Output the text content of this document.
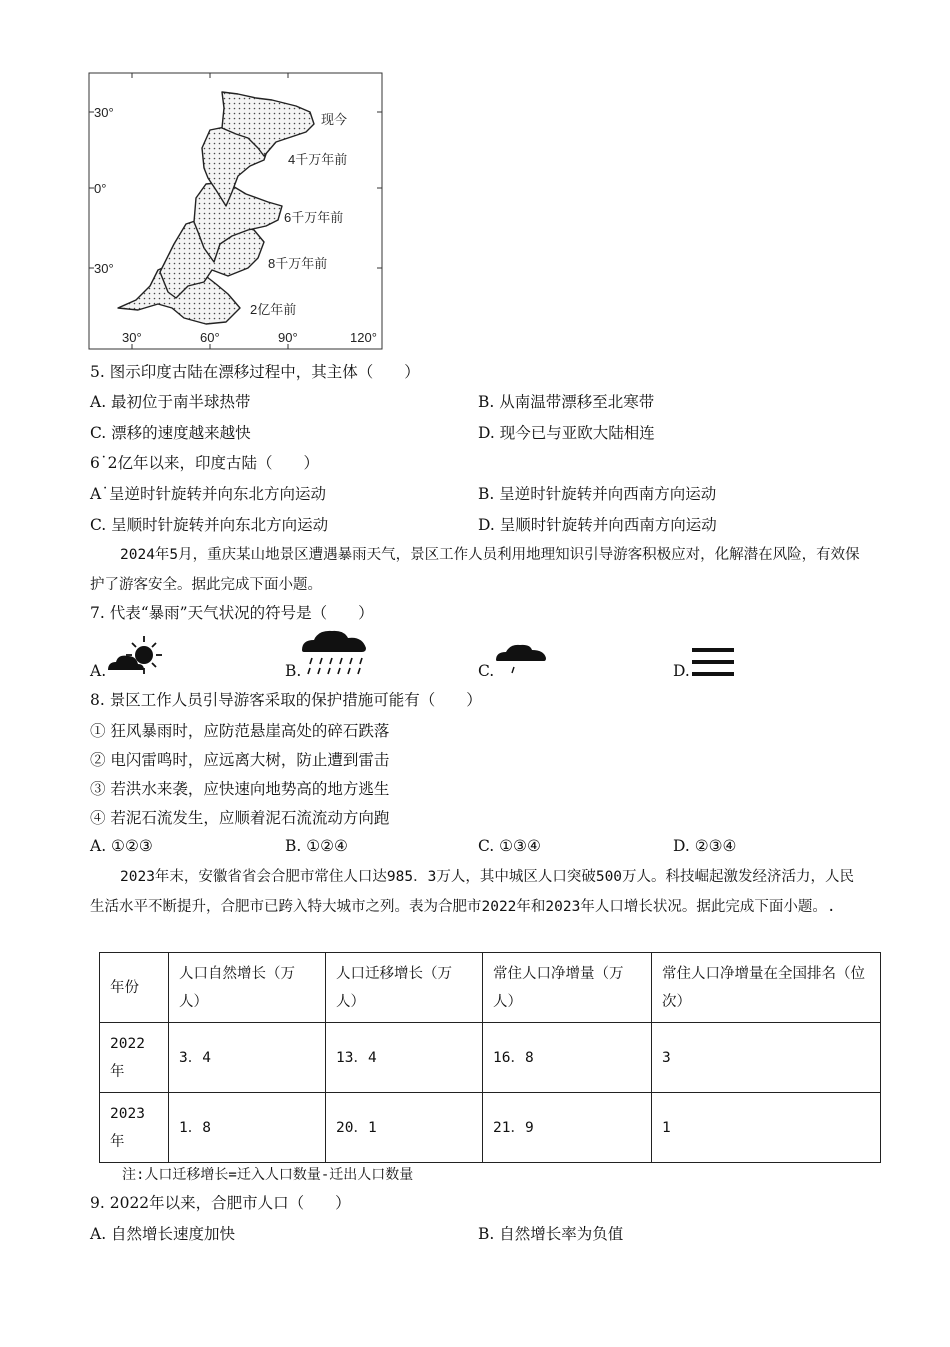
30°
0°
30°
30°	60°	90°	120°
现今
4千万年前
6千万年前
8千万年前
2亿年前
5. 图示印度古陆在漂移过程中，其主体（　　）
A. 最初位于南半球热带	B. 从南温带漂移至北寒带
C. 漂移的速度越来越快	D. 现今已与亚欧大陆相连
6˙2亿年以来，印度古陆（　　）
A˙呈逆时针旋转并向东北方向运动	B. 呈逆时针旋转并向西南方向运动
C. 呈顺时针旋转并向东北方向运动	D. 呈顺时针旋转并向西南方向运动
2024年5月，重庆某山地景区遭遇暴雨天气，景区工作人员利用地理知识引导游客积极应对，化解潜在风险，有效保护了游客安全。据此完成下面小题。
7. 代表“暴雨”天气状况的符号是（　　）
A.	B.	C.	D.
8. 景区工作人员引导游客采取的保护措施可能有（　　）
① 狂风暴雨时，应防范悬崖高处的碎石跌落
② 电闪雷鸣时，应远离大树，防止遭到雷击
③ 若洪水来袭，应快速向地势高的地方逃生
④ 若泥石流发生，应顺着泥石流流动方向跑
A. ①②③	B. ①②④	C. ①③④	D. ②③④
2023年末，安徽省省会合肥市常住人口达985．3万人，其中城区人口突破500万人。科技崛起激发经济活力，人民生活水平不断提升，合肥市已跨入特大城市之列。表为合肥市2022年和2023年人口增长状况。据此完成下面小题。.
年份	人口自然增长（万人）	人口迁移增长（万人）	常住人口净增量（万人）	常住人口净增量在全国排名（位次）
2022年	3．4	13．4	16．8	3
2023年	1．8	20．1	21．9	1
注:人口迁移增长=迁入人口数量-迁出人口数量
9. 2022年以来，合肥市人口（　　）
A. 自然增长速度加快	B. 自然增长率为负值
